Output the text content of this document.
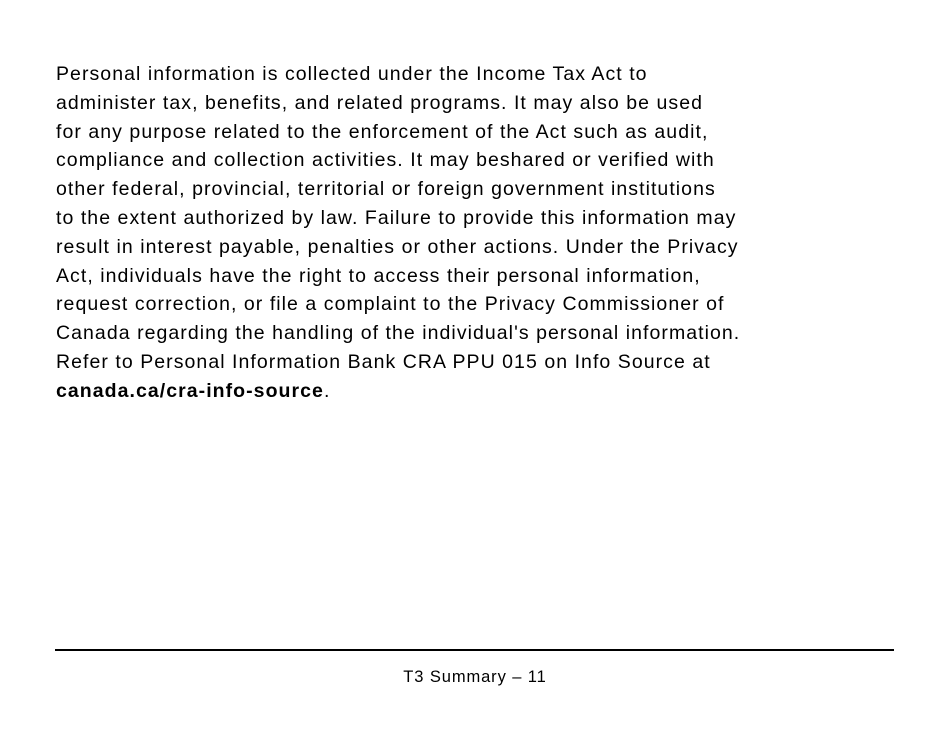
Personal information is collected under the Income Tax Act to
administer tax, benefits, and related programs. It may also be used
for any purpose related to the enforcement of the Act such as audit,
compliance and collection activities. It may beshared or verified with
other federal, provincial, territorial or foreign government institutions
to the extent authorized by law. Failure to provide this information may
result in interest payable, penalties or other actions. Under the Privacy
Act, individuals have the right to access their personal information,
request correction, or file a complaint to the Privacy Commissioner of
Canada regarding the handling of the individual's personal information.
Refer to Personal Information Bank CRA PPU 015 on Info Source at
canada.ca/cra-info-source.
T3 Summary – 11
